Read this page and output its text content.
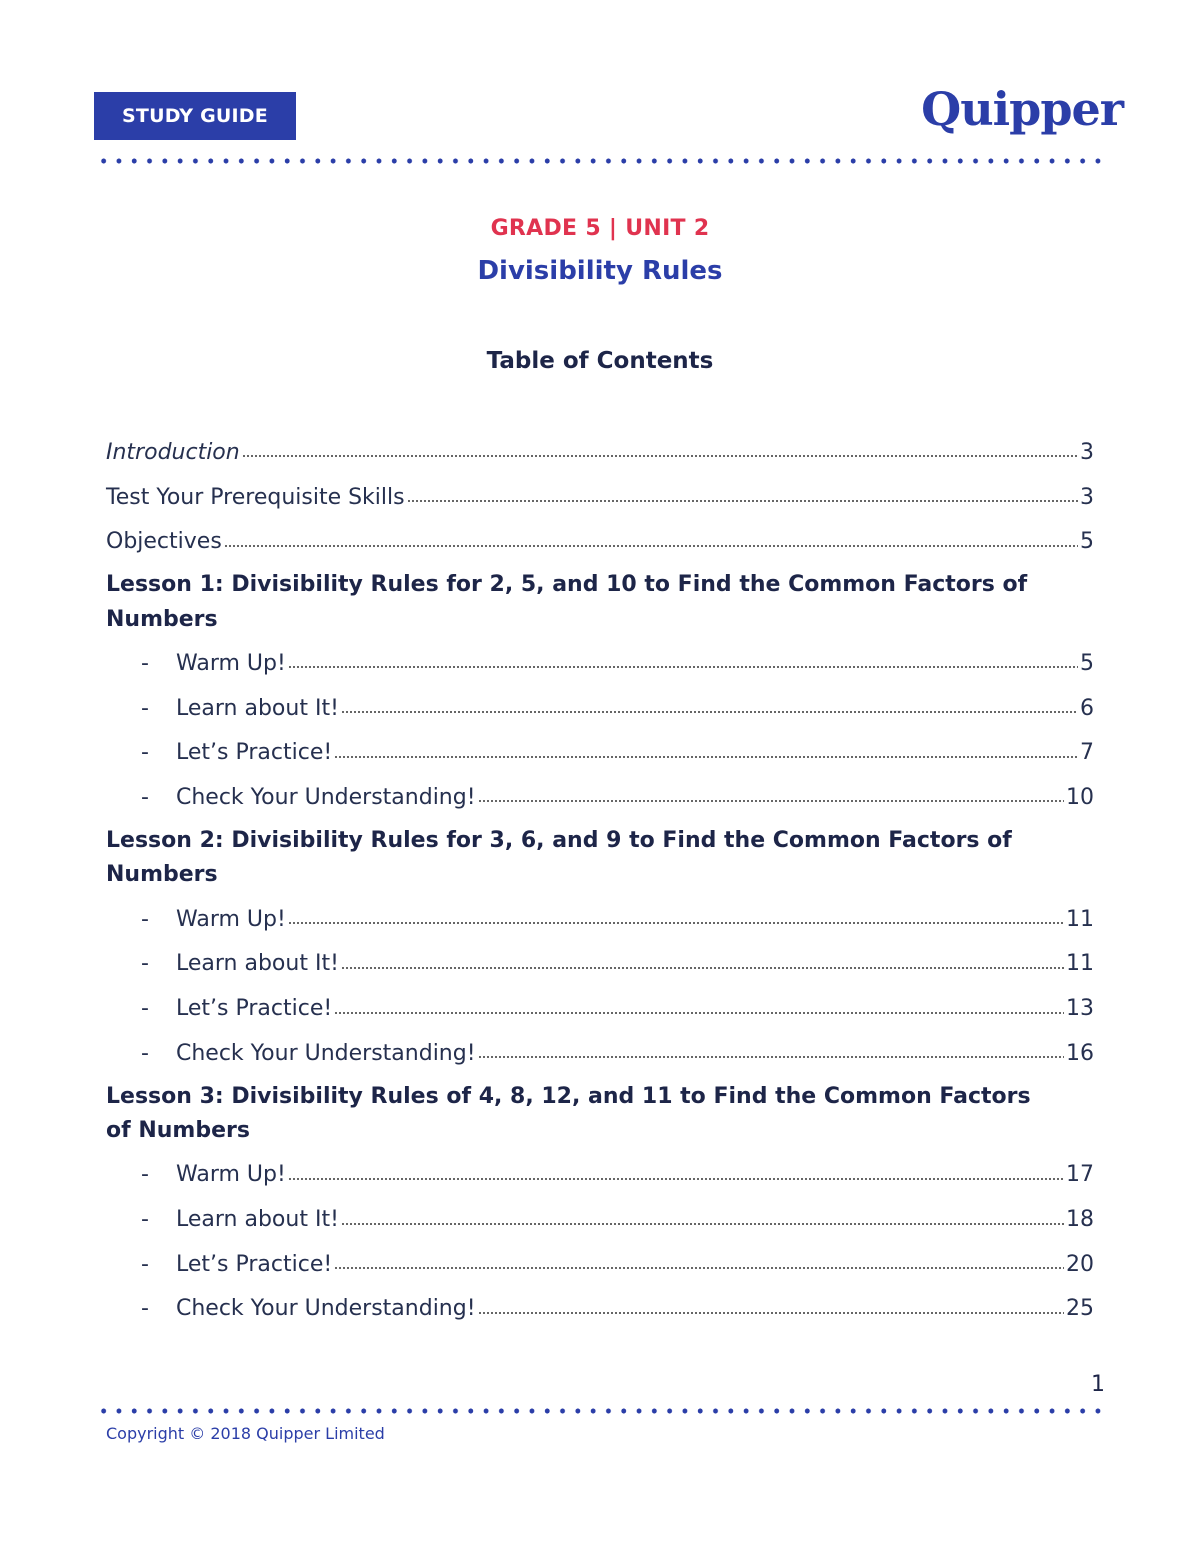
STUDY GUIDE	Quipper
GRADE 5 | UNIT 2
Divisibility Rules
Table of Contents
Introduction	3
Test Your Prerequisite Skills	3
Objectives	5
Lesson 1: Divisibility Rules for 2, 5, and 10 to Find the Common Factors of Numbers
-	Warm Up!	5
-	Learn about It!	6
-	Let’s Practice!	7
-	Check Your Understanding!	10
Lesson 2: Divisibility Rules for 3, 6, and 9 to Find the Common Factors of Numbers
-	Warm Up!	11
-	Learn about It!	11
-	Let’s Practice!	13
-	Check Your Understanding!	16
Lesson 3: Divisibility Rules of 4, 8, 12, and 11 to Find the Common Factors of Numbers
-	Warm Up!	17
-	Learn about It!	18
-	Let’s Practice!	20
-	Check Your Understanding!	25
1
Copyright © 2018 Quipper Limited
